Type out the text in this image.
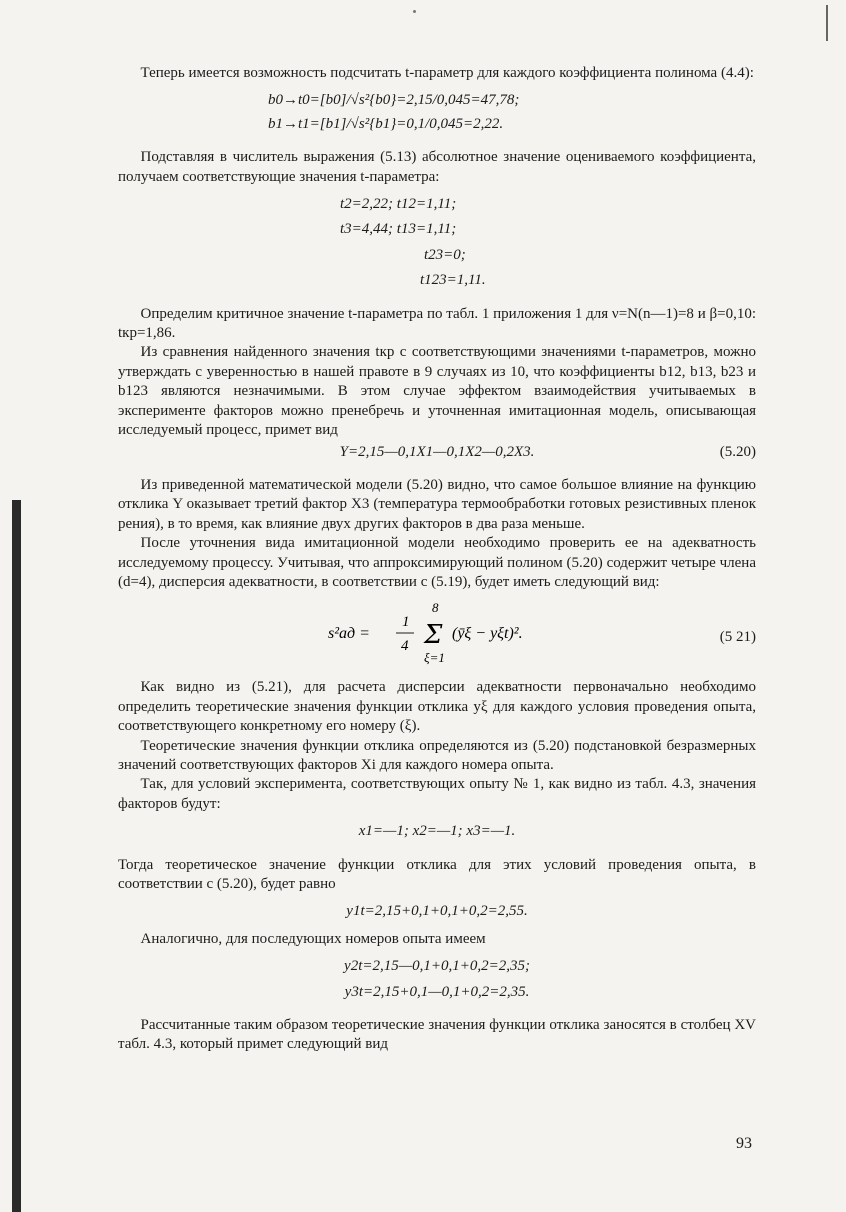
Теперь имеется возможность подсчитать t-параметр для каждого коэффициента полинома (4.4):

b0→t0=[b0]/√s²{b0}=2,15/0,045=47,78;

b1→t1=[b1]/√s²{b1}=0,1/0,045=2,22.

Подставляя в числитель выражения (5.13) абсолютное значение оцениваемого коэффициента, получаем соответствующие значения t-параметра:

t2=2,22; t12=1,11;

t3=4,44; t13=1,11;

t23=0;

t123=1,11.

Определим критичное значение t-параметра по табл. 1 приложения 1 для ν=N(n—1)=8 и β=0,10: tкр=1,86.

Из сравнения найденного значения tкр с соответствующими значениями t-параметров, можно утверждать с уверенностью в нашей правоте в 9 случаях из 10, что коэффициенты b12, b13, b23 и b123 являются незначимыми. В этом случае эффектом взаимодействия учитываемых в эксперименте факторов можно пренебречь и уточненная имитационная модель, описывающая исследуемый процесс, примет вид

Y=2,15—0,1X1—0,1X2—0,2X3.	(5.20)

Из приведенной математической модели (5.20) видно, что самое большое влияние на функцию отклика Y оказывает третий фактор X3 (температура термообработки готовых резистивных пленок рения), в то время, как влияние двух других факторов в два раза меньше.

После уточнения вида имитационной модели необходимо проверить ее на адекватность исследуемому процессу. Учитывая, что аппроксимирующий полином (5.20) содержит четыре члена (d=4), дисперсия адекватности, в соответствии с (5.19), будет иметь следующий вид:

s²ад =
1
4
8
Σ
ξ=1
(ȳξ − yξt)².	(5 21)

Как видно из (5.21), для расчета дисперсии адекватности первоначально необходимо определить теоретические значения функции отклика yξ для каждого условия проведения опыта, соответствующего конкретному его номеру (ξ).

Теоретические значения функции отклика определяются из (5.20) подстановкой безразмерных значений соответствующих факторов Xi для каждого номера опыта.

Так, для условий эксперимента, соответствующих опыту № 1, как видно из табл. 4.3, значения факторов будут:

x1=—1; x2=—1; x3=—1.

Тогда теоретическое значение функции отклика для этих условий проведения опыта, в соответствии с (5.20), будет равно

y1t=2,15+0,1+0,1+0,2=2,55.

Аналогично, для последующих номеров опыта имеем

y2t=2,15—0,1+0,1+0,2=2,35;

y3t=2,15+0,1—0,1+0,2=2,35.

Рассчитанные таким образом теоретические значения функции отклика заносятся в столбец XV табл. 4.3, который примет следующий вид

93
